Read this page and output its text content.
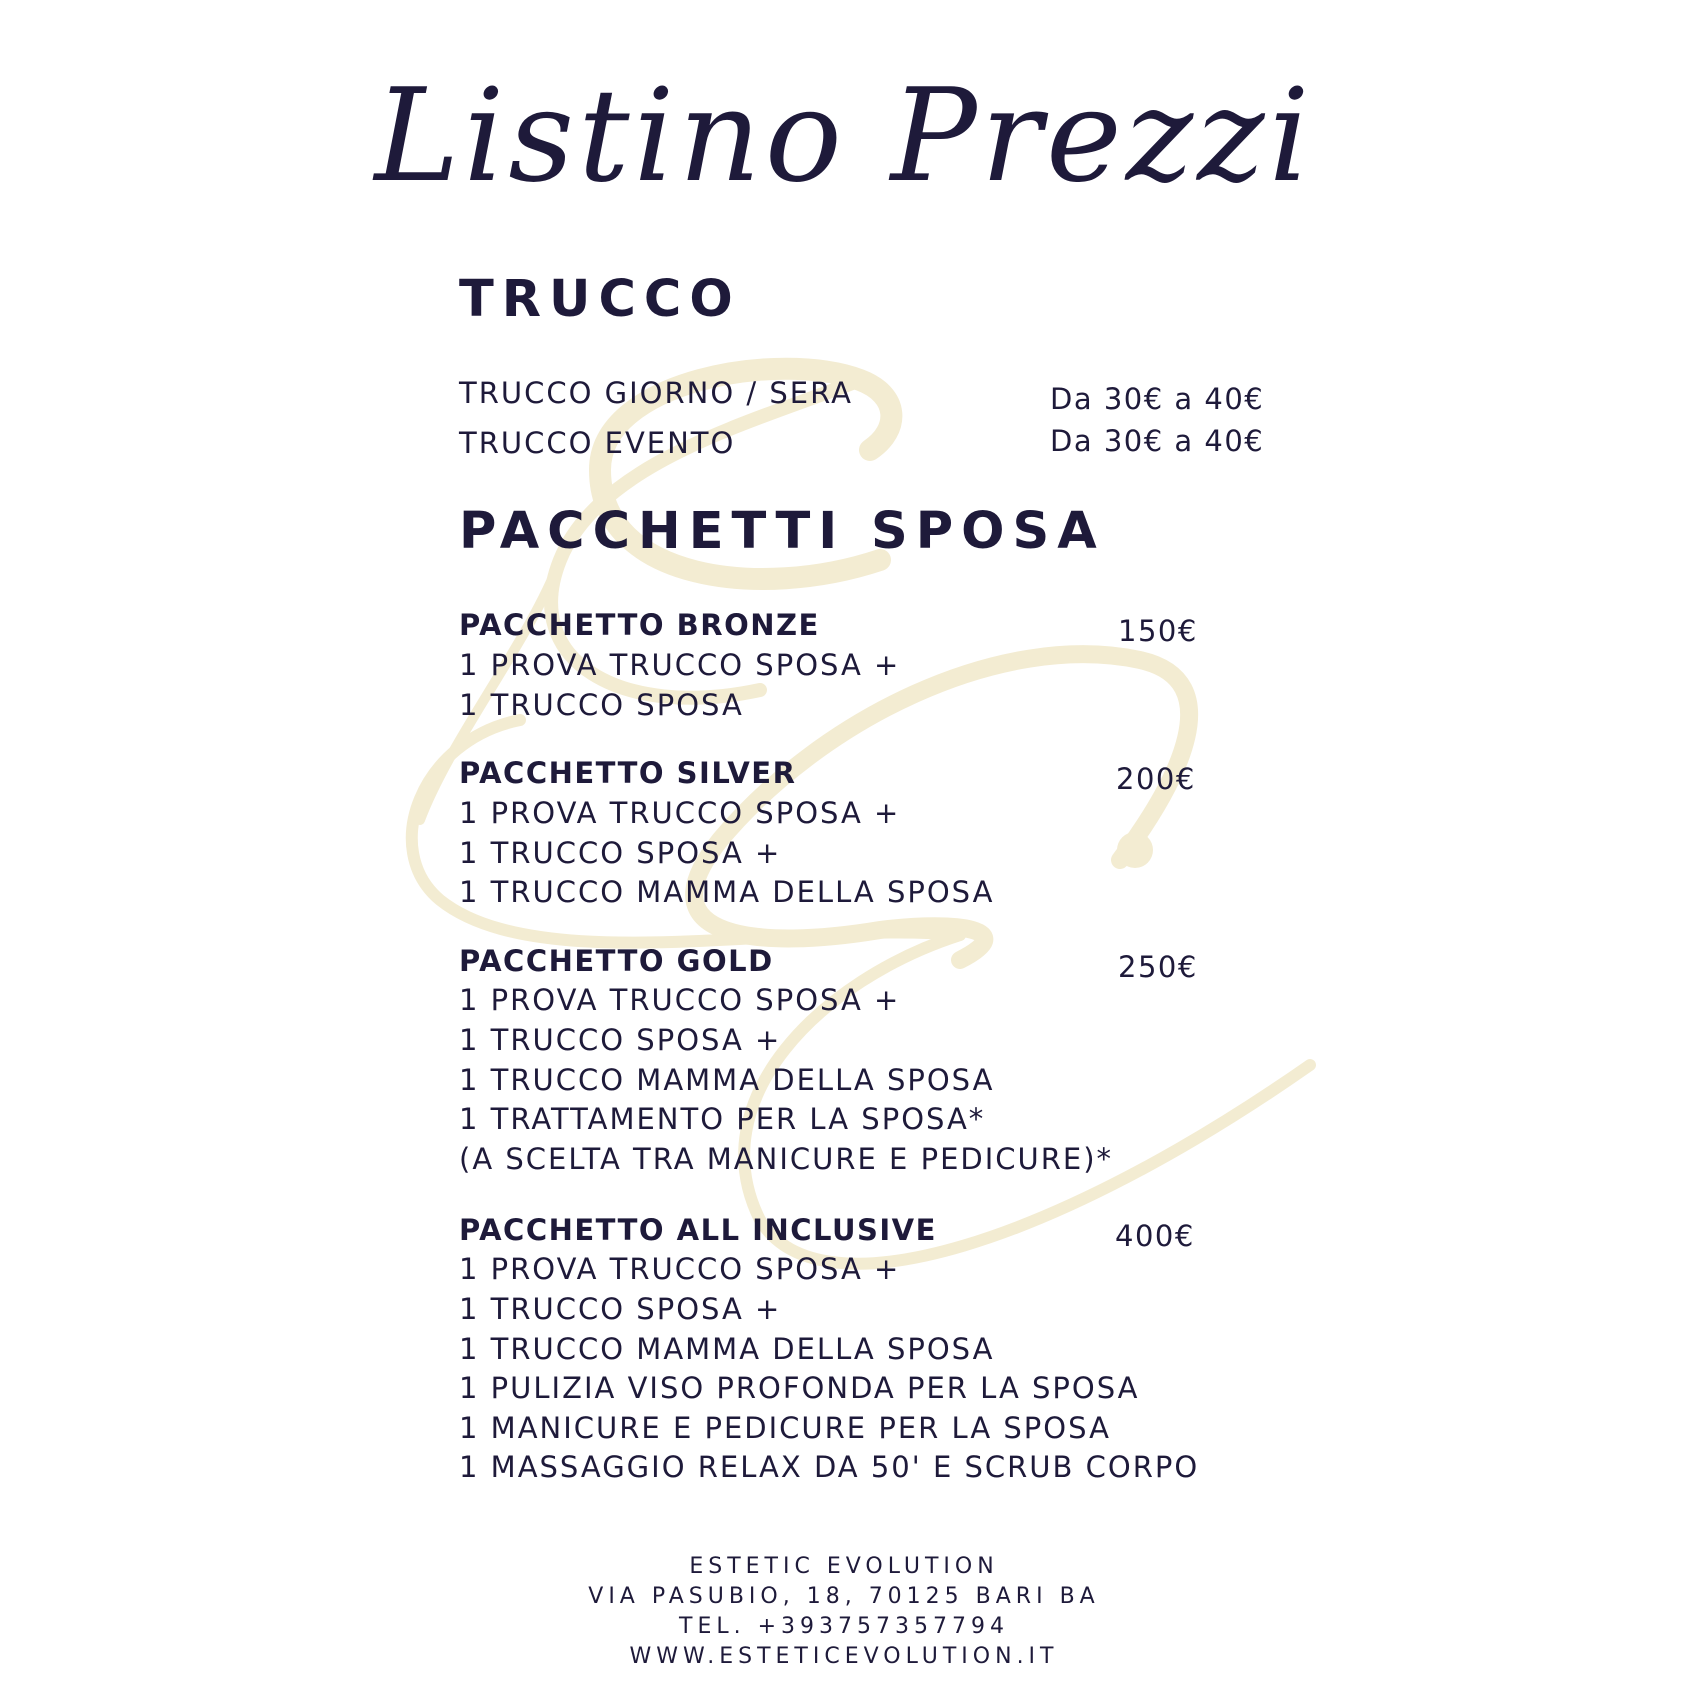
Listino Prezzi
TRUCCO
TRUCCO GIORNO / SERA	Da 30€ a 40€
TRUCCO EVENTO	Da 30€ a 40€
PACCHETTI SPOSA
PACCHETTO BRONZE	150€
1 PROVA TRUCCO SPOSA +
1 TRUCCO SPOSA
PACCHETTO SILVER	200€
1 PROVA TRUCCO SPOSA +
1 TRUCCO SPOSA +
1 TRUCCO MAMMA DELLA SPOSA
PACCHETTO GOLD	250€
1 PROVA TRUCCO SPOSA +
1 TRUCCO SPOSA +
1 TRUCCO MAMMA DELLA SPOSA
1 TRATTAMENTO PER LA SPOSA*
(A SCELTA TRA MANICURE E PEDICURE)*
PACCHETTO ALL INCLUSIVE	400€
1 PROVA TRUCCO SPOSA +
1 TRUCCO SPOSA +
1 TRUCCO MAMMA DELLA SPOSA
1 PULIZIA VISO PROFONDA PER LA SPOSA
1 MANICURE E PEDICURE PER LA SPOSA
1 MASSAGGIO RELAX DA 50' E SCRUB CORPO
ESTETIC EVOLUTION
VIA PASUBIO, 18, 70125 BARI BA
TEL. +393757357794
WWW.ESTETICEVOLUTION.IT
